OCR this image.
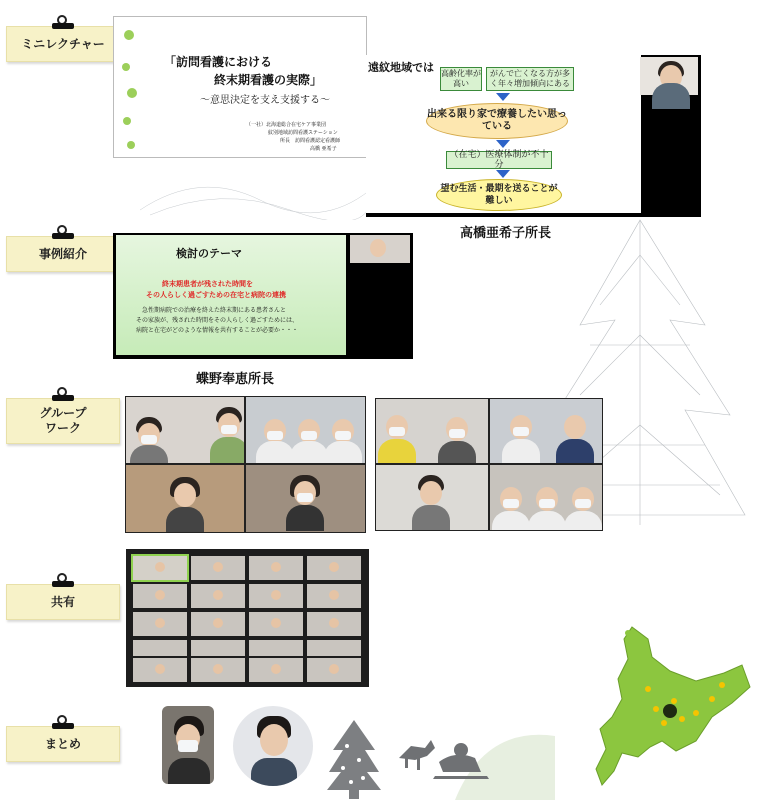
ミニレクチャー
事例紹介
グループ
ワーク
共有
まとめ
「訪問看護における
終末期看護の実際」
～意思決定を支え支援する～
（一社）北海道総合在宅ケア事業団
紋別地域訪問看護ステーション
所長　訪問看護認定看護師
高橋 亜希子
遠紋地域では 高齢化率が高い
がんで亡くなる方が多く年々増加傾向にある
出来る限り家で療養したい思っている
（在宅）医療体制が不十分
望む生活・最期を送ることが難しい
高橋亜希子所長
検討のテーマ
終末期患者が残された時間を
その人らしく過ごすための在宅と病院の連携
急性期病院での治療を終えた終末期にある患者さんと
その家族が、残された時間をその人らしく過ごすためには、
病院と在宅がどのような情報を共有することが必要か・・・
蝶野奉恵所長
